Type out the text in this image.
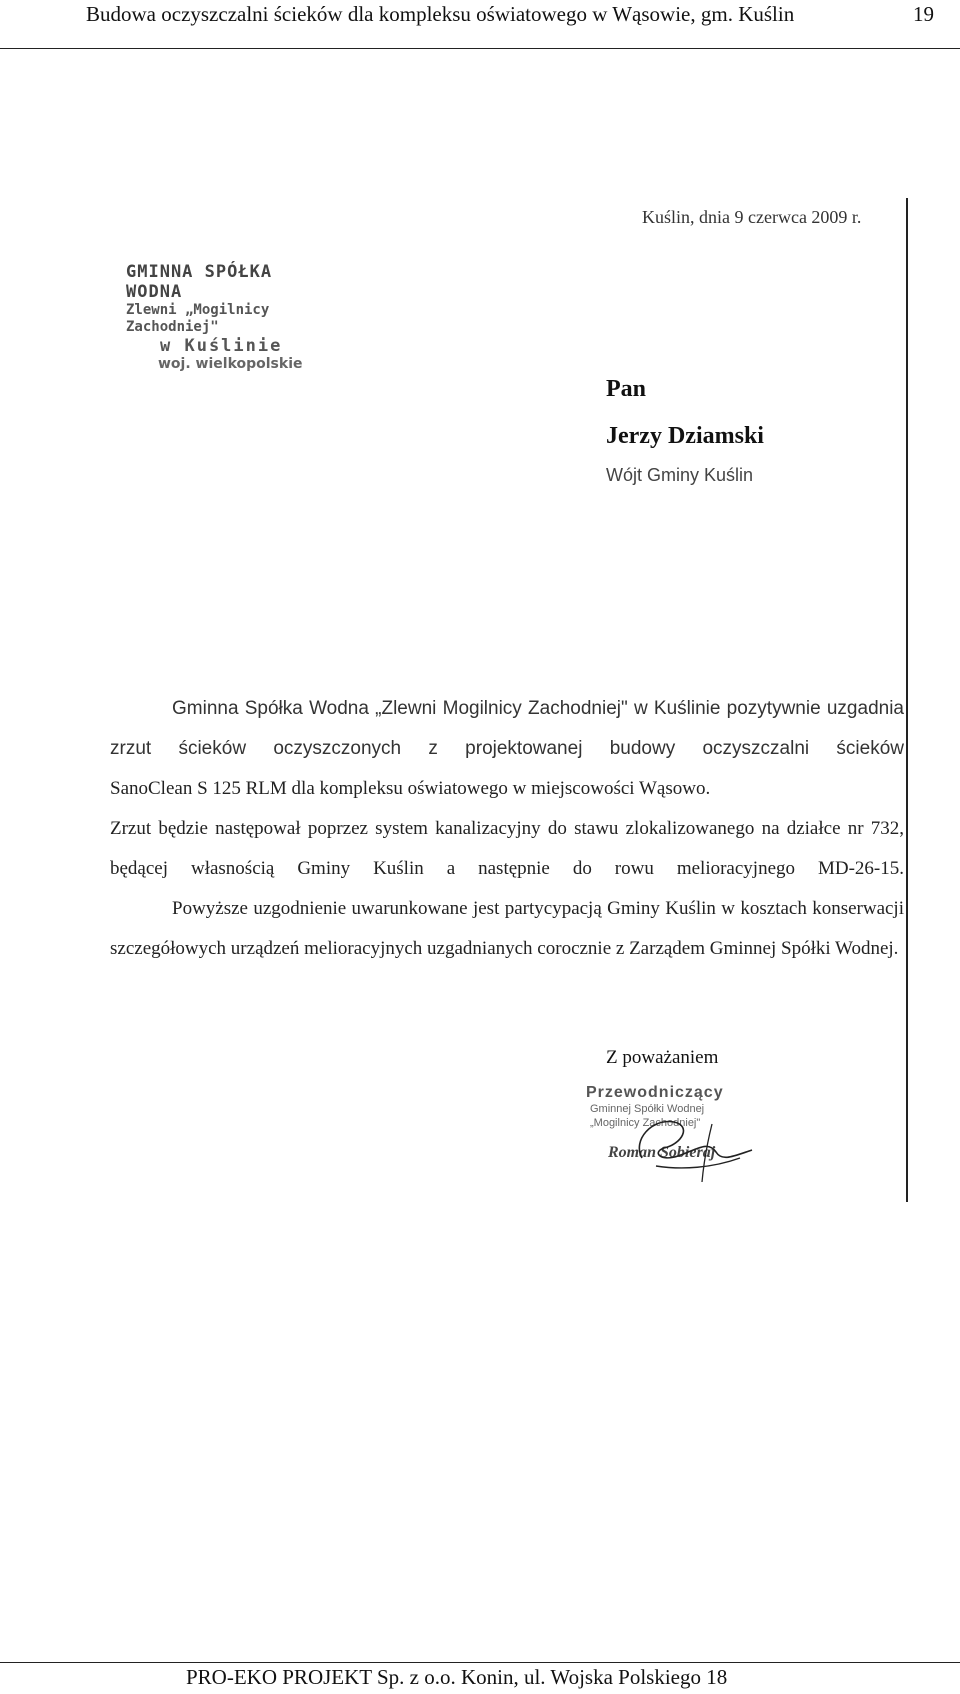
Budowa oczyszczalni ścieków dla kompleksu oświatowego w Wąsowie, gm. Kuślin	19
Kuślin, dnia 9 czerwca 2009 r.
GMINNA SPÓŁKA WODNA
Zlewni „Mogilnicy Zachodniej"
w Kuślinie
woj. wielkopolskie
Pan
Jerzy Dziamski
Wójt Gminy Kuślin

Gminna Spółka Wodna „Zlewni Mogilnicy Zachodniej" w Kuślinie pozytywnie uzgadnia zrzut ścieków oczyszczonych z projektowanej budowy oczyszczalni ścieków

SanoClean S 125 RLM dla kompleksu oświatowego w miejscowości Wąsowo.

Zrzut będzie następował poprzez system kanalizacyjny do stawu zlokalizowanego na działce nr 732, będącej własnością Gminy Kuślin a następnie do rowu melioracyjnego MD-26-15.

Powyższe uzgodnienie uwarunkowane jest partycypacją Gminy Kuślin w kosztach konserwacji szczegółowych urządzeń melioracyjnych uzgadnianych corocznie z Zarządem Gminnej Spółki Wodnej.

Z poważaniem
Przewodniczący
Gminnej Spółki Wodnej
„Mogilnicy Zachodniej"
Roman Sobieraj
PRO-EKO PROJEKT Sp. z o.o. Konin, ul. Wojska Polskiego 18
